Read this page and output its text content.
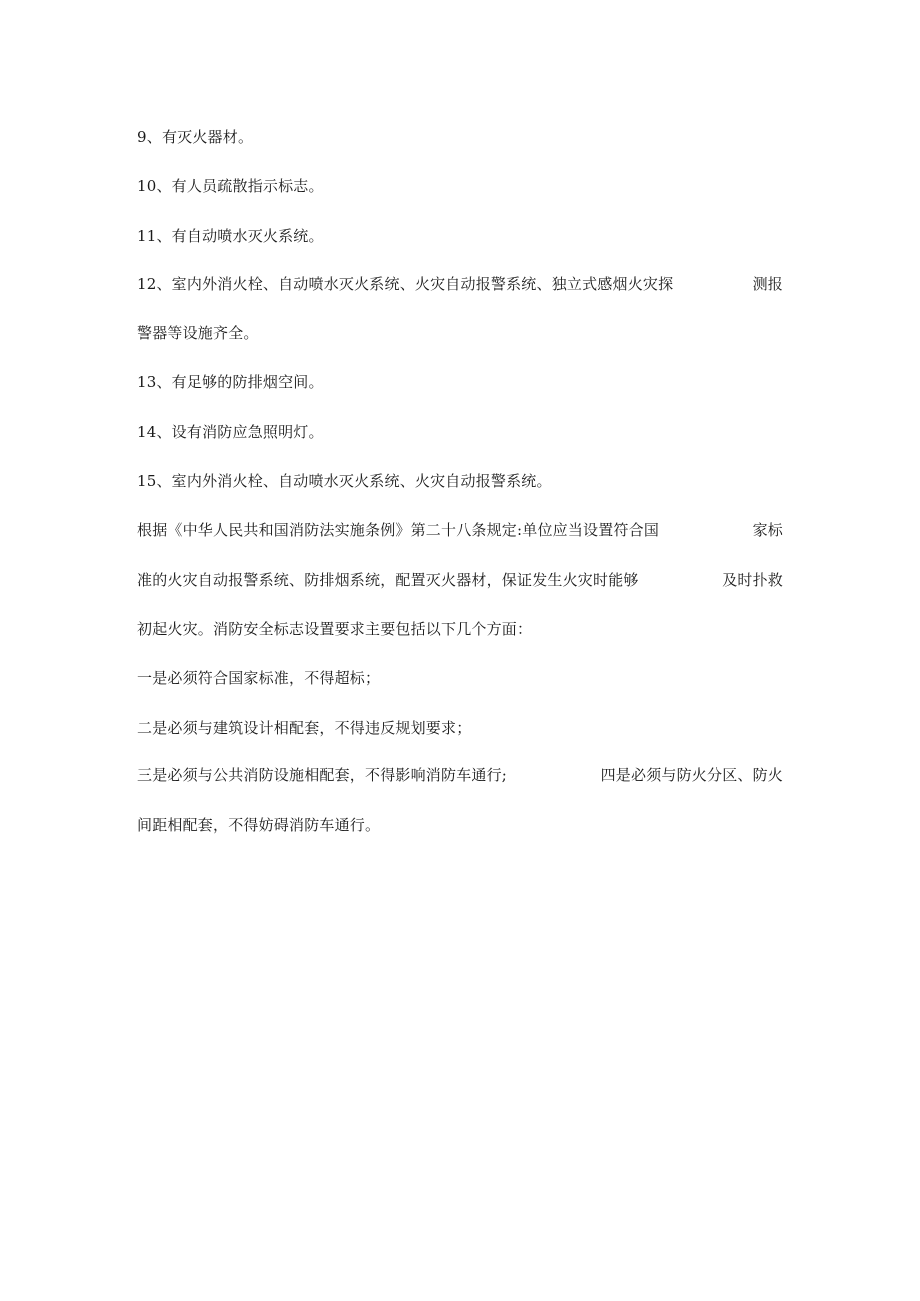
9、有灭火器材。
10、有人员疏散指示标志。
11、有自动喷水灭火系统。
12、室内外消火栓、自动喷水灭火系统、火灾自动报警系统、独立式感烟火灾探	测报
警器等设施齐全。
13、有足够的防排烟空间。
14、设有消防应急照明灯。
15、室内外消火栓、自动喷水灭火系统、火灾自动报警系统。
根据《中华人民共和国消防法实施条例》第二十八条规定:单位应当设置符合国	家标
准的火灾自动报警系统、防排烟系统，配置灭火器材，保证发生火灾时能够	及时扑救
初起火灾。消防安全标志设置要求主要包括以下几个方面：
一是必须符合国家标准，不得超标；
二是必须与建筑设计相配套，不得违反规划要求；
三是必须与公共消防设施相配套，不得影响消防车通行;	四是必须与防火分区、防火
间距相配套，不得妨碍消防车通行。
